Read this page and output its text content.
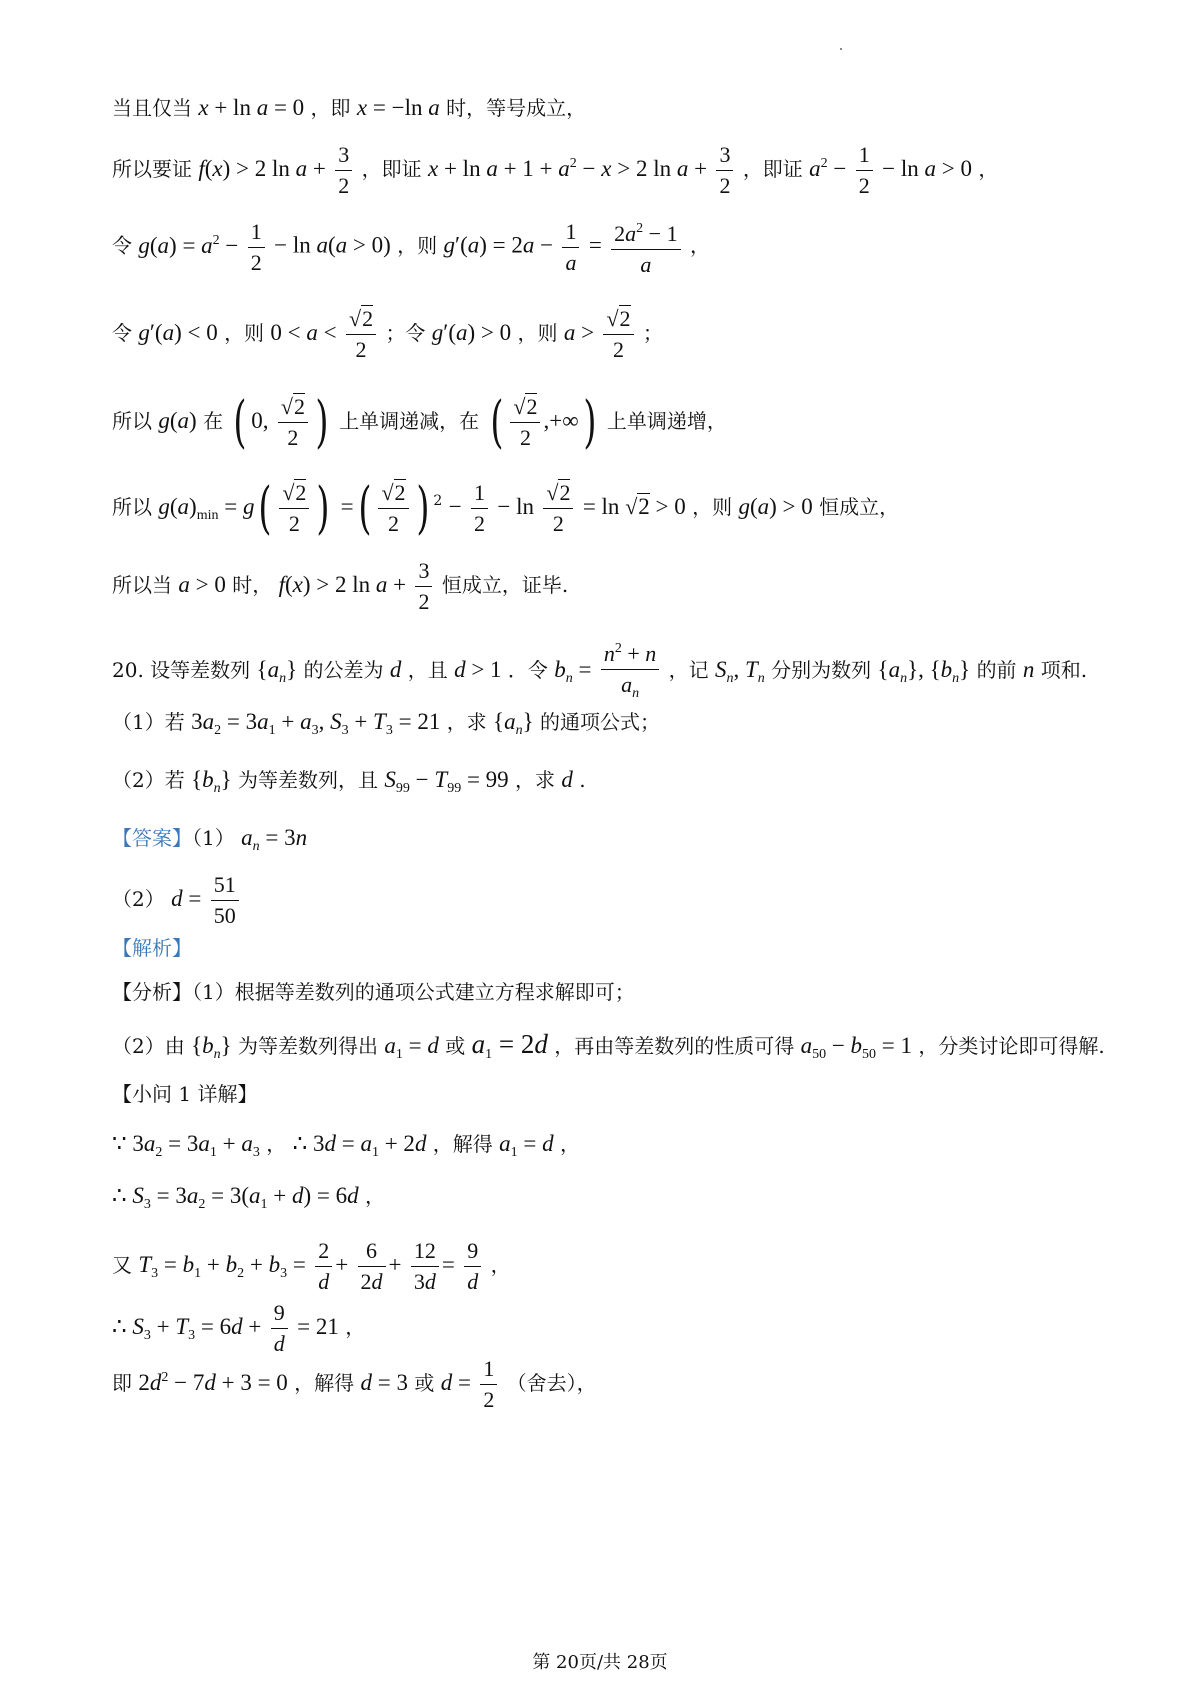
当且仅当 x + ln a = 0 ，即 x = −ln a 时，等号成立，
所以要证 f(x) > 2 $\ln a + \frac{3}{2}$ ，即证 $x + \ln a + 1 + a^2 - x > 2$ $\ln a + \frac{3}{2}$ ，即证 $a^2 - \frac{1}{2} - \ln a > 0$ ，
令 $g(a) = a^2 - \frac{1}{2} - \ln a(a > 0)$ ，则 $g'(a) = 2a - \frac{1}{a} = \frac{2a^2 - 1}{a}$ ，
令 g′(a) < 0 ，则 $0 < a < \frac{√2}{2}$ ；令 g′(a) > 0 ，则 $a > \frac{√2}{2}$ ；
所以 g(a) 在 ( 0, $\frac{√2}{2}$ ) 上单调递减，在 ( $\frac{√2}{2}$ ,+∞) 上单调递增，
所以 $g(a)_{min} = g( \frac{√2}{2}$ ) =( $\frac{√2}{2}$ ) $^2 - \frac{1}{2} - \ln \frac{√2}{2} = \ln √2 > 0$ ，则 g(a) > 0 恒成立，
所以当 a > 0 时， f(x) > 2 $\ln a + \frac{3}{2}$ 恒成立，证毕.
20. 设等差数列 $\{a_n\}$ 的公差为 d ，且 d > 1 ．令 $b_n = \frac{n^2 + n}{a_n}$ ，记 $S_n$, $T_n$ 分别为数列 $\{a_n\}$, $\{b_n\}$ 的前 n 项和.
（1）若 $3a_2 = 3a_1 + a_3$, $S_3 + T_3 = 21$ ，求 $\{a_n\}$ 的通项公式；
（2）若 $\{b_n\}$ 为等差数列，且 $S_{99} - T_{99} = 99$ ，求 d .
【答案】（1） $a_n = 3n$
（2） $d = \frac{51}{50}$
【解析】
【分析】（1）根据等差数列的通项公式建立方程求解即可；
（2）由 $\{b_n\}$ 为等差数列得出 $a_1 = d$ 或 $a_1 = 2d$ ，再由等差数列的性质可得 $a_{50} - b_{50} = 1$ ，分类讨论即可得解.
【小问 1 详解】
∵ $3a_2 = 3a_1 + a_3$ ， ∴ $3d = a_1 + 2d$ ，解得 $a_1 = d$ ，
∴ $S_3 = 3a_2 = 3(a_1 + d) = 6d$ ，
又 $T_3 = b_1 + b_2 + b_3 = \frac{2}{d} + \frac{6}{2d} + \frac{12}{3d} = \frac{9}{d}$ ，
∴ $S_3 + T_3 = 6d + \frac{9}{d} = 21$ ，
即 $2d^2 - 7d + 3 = 0$ ，解得 d = 3 或 $d = \frac{1}{2}$ （舍去），
第 20页/共 28页
